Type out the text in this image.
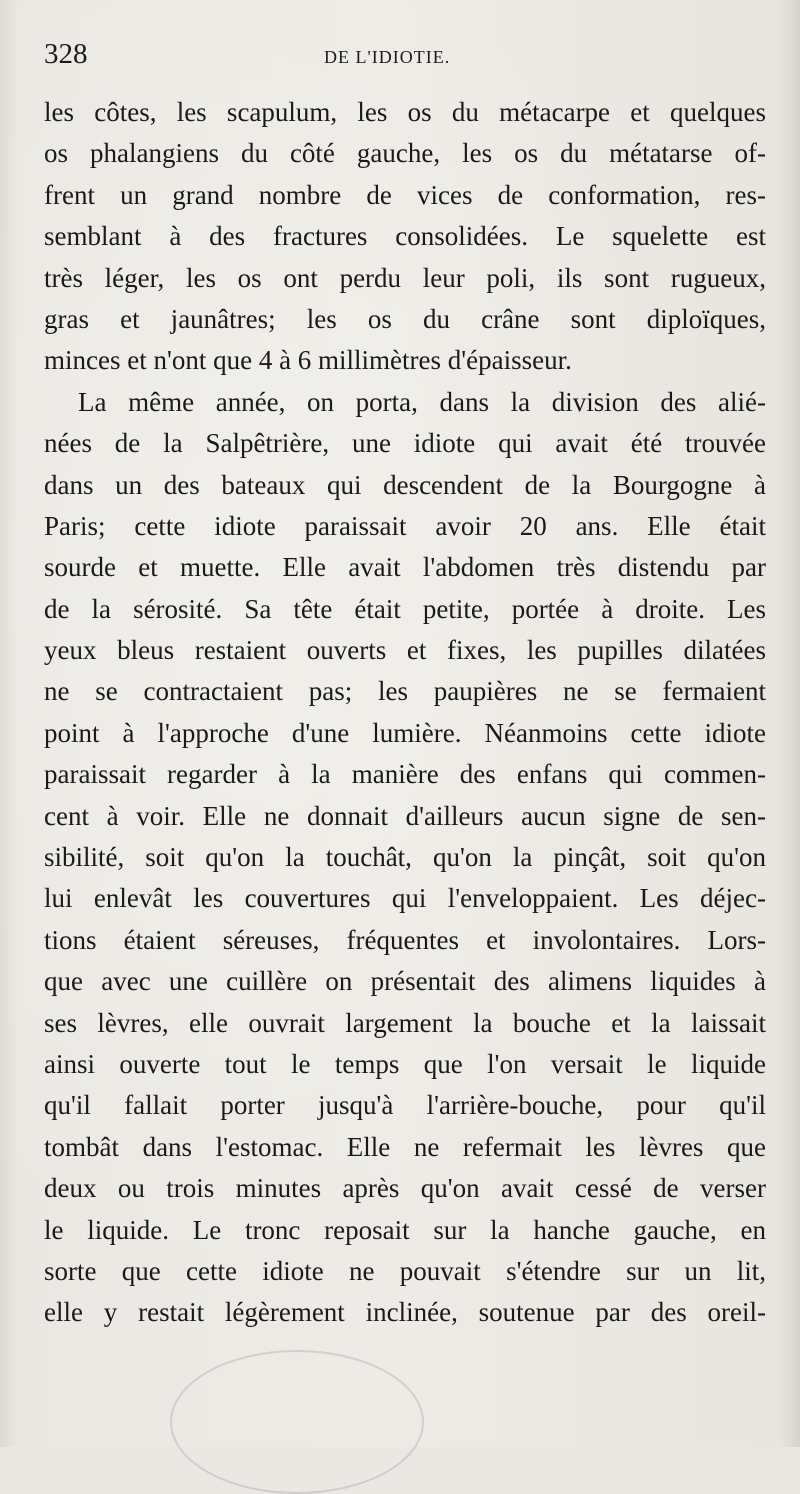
328	DE L'IDIOTIE.
les côtes, les scapulum, les os du métacarpe et quelques
os phalangiens du côté gauche, les os du métatarse of-
frent un grand nombre de vices de conformation, res-
semblant à des fractures consolidées. Le squelette est
très léger, les os ont perdu leur poli, ils sont rugueux,
gras et jaunâtres; les os du crâne sont diploïques,
minces et n'ont que 4 à 6 millimètres d'épaisseur.
La même année, on porta, dans la division des alié-
nées de la Salpêtrière, une idiote qui avait été trouvée
dans un des bateaux qui descendent de la Bourgogne à
Paris; cette idiote paraissait avoir 20 ans. Elle était
sourde et muette. Elle avait l'abdomen très distendu par
de la sérosité. Sa tête était petite, portée à droite. Les
yeux bleus restaient ouverts et fixes, les pupilles dilatées
ne se contractaient pas; les paupières ne se fermaient
point à l'approche d'une lumière. Néanmoins cette idiote
paraissait regarder à la manière des enfans qui commen-
cent à voir. Elle ne donnait d'ailleurs aucun signe de sen-
sibilité, soit qu'on la touchât, qu'on la pinçât, soit qu'on
lui enlevât les couvertures qui l'enveloppaient. Les déjec-
tions étaient séreuses, fréquentes et involontaires. Lors-
que avec une cuillère on présentait des alimens liquides à
ses lèvres, elle ouvrait largement la bouche et la laissait
ainsi ouverte tout le temps que l'on versait le liquide
qu'il fallait porter jusqu'à l'arrière-bouche, pour qu'il
tombât dans l'estomac. Elle ne refermait les lèvres que
deux ou trois minutes après qu'on avait cessé de verser
le liquide. Le tronc reposait sur la hanche gauche, en
sorte que cette idiote ne pouvait s'étendre sur un lit,
elle y restait légèrement inclinée, soutenue par des oreil-
